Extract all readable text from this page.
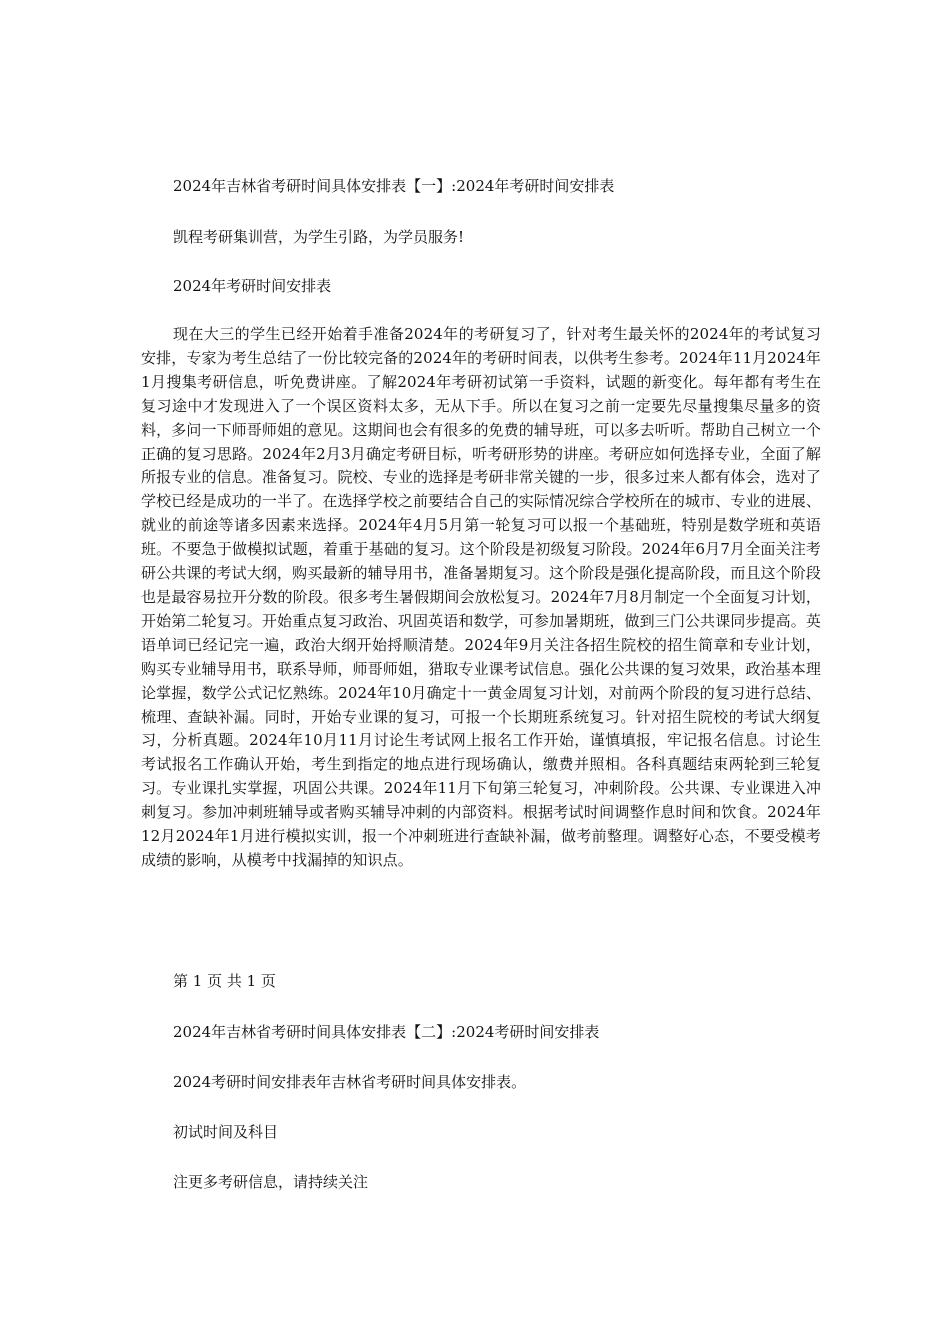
2024年吉林省考研时间具体安排表【一】:2024年考研时间安排表

凯程考研集训营，为学生引路，为学员服务!

2024年考研时间安排表

现在大三的学生已经开始着手准备2024年的考研复习了，针对考生最关怀的2024年的考试复习安排，专家为考生总结了一份比较完备的2024年的考研时间表，以供考生参考。2024年11月2024年1月搜集考研信息，听免费讲座。了解2024年考研初试第一手资料，试题的新变化。每年都有考生在复习途中才发现进入了一个误区资料太多，无从下手。所以在复习之前一定要先尽量搜集尽量多的资料，多问一下师哥师姐的意见。这期间也会有很多的免费的辅导班，可以多去听听。帮助自己树立一个正确的复习思路。2024年2月3月确定考研目标，听考研形势的讲座。考研应如何选择专业，全面了解所报专业的信息。准备复习。院校、专业的选择是考研非常关键的一步，很多过来人都有体会，选对了学校已经是成功的一半了。在选择学校之前要结合自己的实际情况综合学校所在的城市、专业的进展、就业的前途等诸多因素来选择。2024年4月5月第一轮复习可以报一个基础班，特别是数学班和英语班。不要急于做模拟试题，着重于基础的复习。这个阶段是初级复习阶段。2024年6月7月全面关注考研公共课的考试大纲，购买最新的辅导用书，准备暑期复习。这个阶段是强化提高阶段，而且这个阶段也是最容易拉开分数的阶段。很多考生暑假期间会放松复习。2024年7月8月制定一个全面复习计划，开始第二轮复习。开始重点复习政治、巩固英语和数学，可参加暑期班，做到三门公共课同步提高。英语单词已经记完一遍，政治大纲开始捋顺清楚。2024年9月关注各招生院校的招生简章和专业计划，购买专业辅导用书，联系导师，师哥师姐，猎取专业课考试信息。强化公共课的复习效果，政治基本理论掌握，数学公式记忆熟练。2024年10月确定十一黄金周复习计划，对前两个阶段的复习进行总结、梳理、查缺补漏。同时，开始专业课的复习，可报一个长期班系统复习。针对招生院校的考试大纲复习，分析真题。2024年10月11月讨论生考试网上报名工作开始，谨慎填报，牢记报名信息。讨论生考试报名工作确认开始，考生到指定的地点进行现场确认，缴费并照相。各科真题结束两轮到三轮复习。专业课扎实掌握，巩固公共课。2024年11月下旬第三轮复习，冲刺阶段。公共课、专业课进入冲刺复习。参加冲刺班辅导或者购买辅导冲刺的内部资料。根据考试时间调整作息时间和饮食。2024年12月2024年1月进行模拟实训，报一个冲刺班进行查缺补漏，做考前整理。调整好心态，不要受模考成绩的影响，从模考中找漏掉的知识点。

第 1 页 共 1 页

2024年吉林省考研时间具体安排表【二】:2024考研时间安排表

2024考研时间安排表年吉林省考研时间具体安排表。

初试时间及科目

注更多考研信息，请持续关注
